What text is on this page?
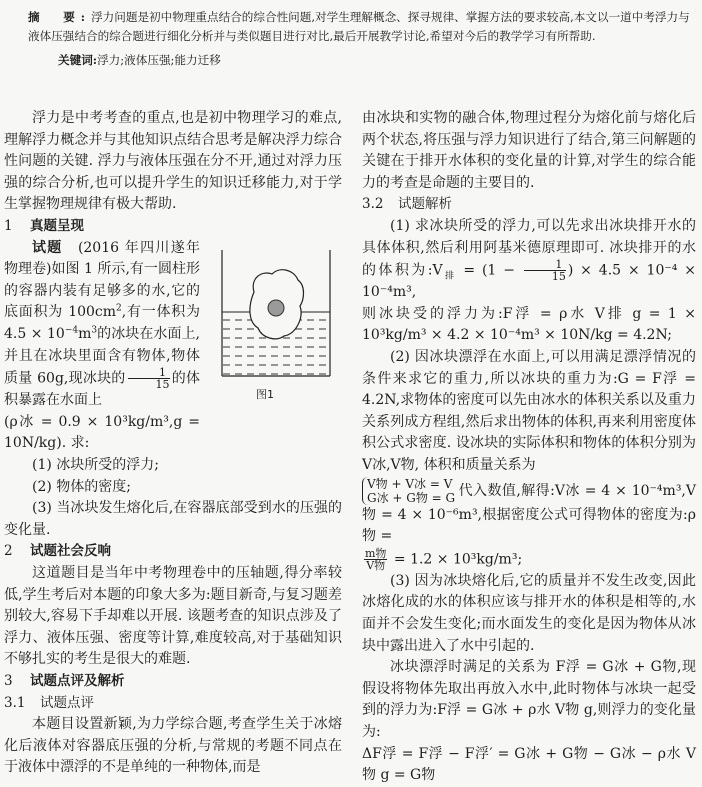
摘　要:浮力问题是初中物理重点结合的综合性问题,对学生理解概念、探寻规律、掌握方法的要求较高,本文以一道中考浮力与液体压强结合的综合题进行细化分析并与类似题目进行对比,最后开展教学讨论,希望对今后的教学学习有所帮助.
关键词:浮力;液体压强;能力迁移

浮力是中考考查的重点,也是初中物理学习的难点,理解浮力概念并与其他知识点结合思考是解决浮力综合性问题的关键. 浮力与液体压强在分不开,通过对浮力压强的综合分析,也可以提升学生的知识迁移能力,对于学生掌握物理规律有极大帮助.

1 真题呈现
图1

试题　 (2016 年四川遂年物理卷)如图 1 所示,有一圆柱形的容器内装有足够多的水,它的底面积为 $100cm^2$,有一体积为 $4.5 \times 10^{-4}m^3$的冰块在水面上,并且在冰块里面含有物体,物体质量 60g,现冰块的 $\frac{1}{15}$ 的体积暴露在水面上

(ρ冰 = 0.9 × 10³kg/m³,g = 10N/kg). 求:

(1) 冰块所受的浮力;

(2) 物体的密度;

(3) 当冰块发生熔化后,在容器底部受到水的压强的变化量.

2 试题社会反响

这道题目是当年中考物理卷中的压轴题,得分率较低,学生考后对本题的印象大多为:题目新奇,与复习题差别较大,容易下手却难以开展. 该题考查的知识点涉及了浮力、液体压强、密度等计算,难度较高,对于基础知识不够扎实的考生是很大的难题.

3 试题点评及解析
3.1 试题点评

本题目设置新颖,为力学综合题,考查学生关于冰熔化后液体对容器底压强的分析,与常规的考题不同点在于液体中漂浮的不是单纯的一种物体,而是

由冰块和实物的融合体,物理过程分为熔化前与熔化后两个状态,将压强与浮力知识进行了结合,第三问解题的关键在于排开水体积的变化量的计算,对学生的综合能力的考查是命题的主要目的.

3.2 试题解析

(1) 求冰块所受的浮力,可以先求出冰块排开水的具体体积,然后利用阿基米德原理即可. 冰块排开的水的体积为$:V_排 = (1 - \frac{1}{15}$ ) × 4.5 × 10⁻⁴ × 10⁻⁴m³,

则冰块受的浮力为:F浮 = ρ水 V排 g = 1 × 10³kg/m³ × 4.2 × 10⁻⁴m³ × 10N/kg = 4.2N;

(2) 因冰块漂浮在水面上,可以用满足漂浮情况的条件来求它的重力,所以冰块的重力为:G = F浮 = 4.2N,求物体的密度可以先由冰水的体积关系以及重力关系列成方程组,然后求出物体的体积,再来利用密度体积公式求密度. 设冰块的实际体积和物体的体积分别为 V冰,V物, 体积和质量关系为

V物 + V冰 = V
G冰 + G物 = G 代入数值,解得:V冰 = 4 × 10⁻⁴m³,V物 = 4 × 10⁻⁶m³,根据密度公式可得物体的密度为:ρ物 =

$\frac{\text{m物}}{\text{V物}} = 1.2 \times 10^3kg/m^3$;

(3) 因为冰块熔化后,它的质量并不发生改变,因此冰熔化成的水的体积应该与排开水的体积是相等的,水面并不会发生变化;而水面发生的变化是因为物体从冰块中露出进入了水中引起的.

冰块漂浮时满足的关系为 F浮 = G冰 + G物,现假设将物体先取出再放入水中,此时物体与冰块一起受到的浮力为:F浮 = G冰 + ρ水 V物 g,则浮力的变化量为:

ΔF浮 = F浮 − F浮′ = G冰 + G物 − G冰 − ρ水 V物 g = G物
